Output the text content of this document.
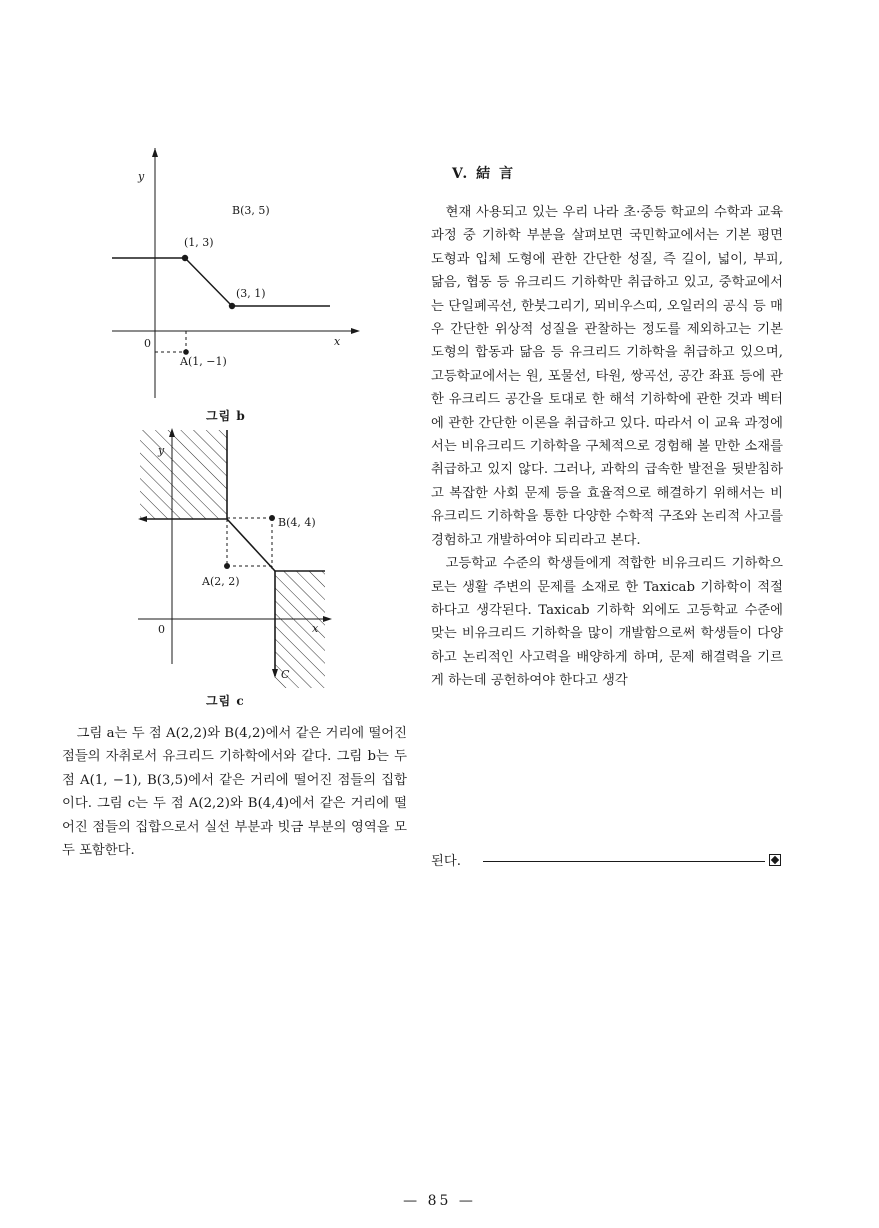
y
x
0
B(3, 5)
(1, 3)
(3, 1)
A(1, −1)
그림 b
y
x
0
B(4, 4)
A(2, 2)
C
그림 c

그림 a는 두 점 A(2,2)와 B(4,2)에서 같은 거리에 떨어진 점들의 자취로서 유크리드 기하학에서와 같다. 그림 b는 두 점 A(1, −1), B(3,5)에서 같은 거리에 떨어진 점들의 집합이다. 그림 c는 두 점 A(2,2)와 B(4,4)에서 같은 거리에 떨어진 점들의 집합으로서 실선 부분과 빗금 부분의 영역을 모두 포함한다.

V. 結 言

현재 사용되고 있는 우리 나라 초·중등 학교의 수학과 교육 과정 중 기하학 부분을 살펴보면 국민학교에서는 기본 평면 도형과 입체 도형에 관한 간단한 성질, 즉 길이, 넓이, 부피, 닮음, 협동 등 유크리드 기하학만 취급하고 있고, 중학교에서는 단일폐곡선, 한붓그리기, 뫼비우스띠, 오일러의 공식 등 매우 간단한 위상적 성질을 관찰하는 정도를 제외하고는 기본 도형의 합동과 닮음 등 유크리드 기하학을 취급하고 있으며, 고등학교에서는 원, 포물선, 타원, 쌍곡선, 공간 좌표 등에 관한 유크리드 공간을 토대로 한 해석 기하학에 관한 것과 벡터에 관한 간단한 이론을 취급하고 있다. 따라서 이 교육 과정에서는 비유크리드 기하학을 구체적으로 경험해 볼 만한 소재를 취급하고 있지 않다. 그러나, 과학의 급속한 발전을 뒷받침하고 복잡한 사회 문제 등을 효율적으로 해결하기 위해서는 비유크리드 기하학을 통한 다양한 수학적 구조와 논리적 사고를 경험하고 개발하여야 되리라고 본다.

고등학교 수준의 학생들에게 적합한 비유크리드 기하학으로는 생활 주변의 문제를 소재로 한 Taxicab 기하학이 적절하다고 생각된다. Taxicab 기하학 외에도 고등학교 수준에 맞는 비유크리드 기하학을 많이 개발함으로써 학생들이 다양하고 논리적인 사고력을 배양하게 하며, 문제 해결력을 기르게 하는데 공헌하여야 한다고 생각

된다.
— 85 —
